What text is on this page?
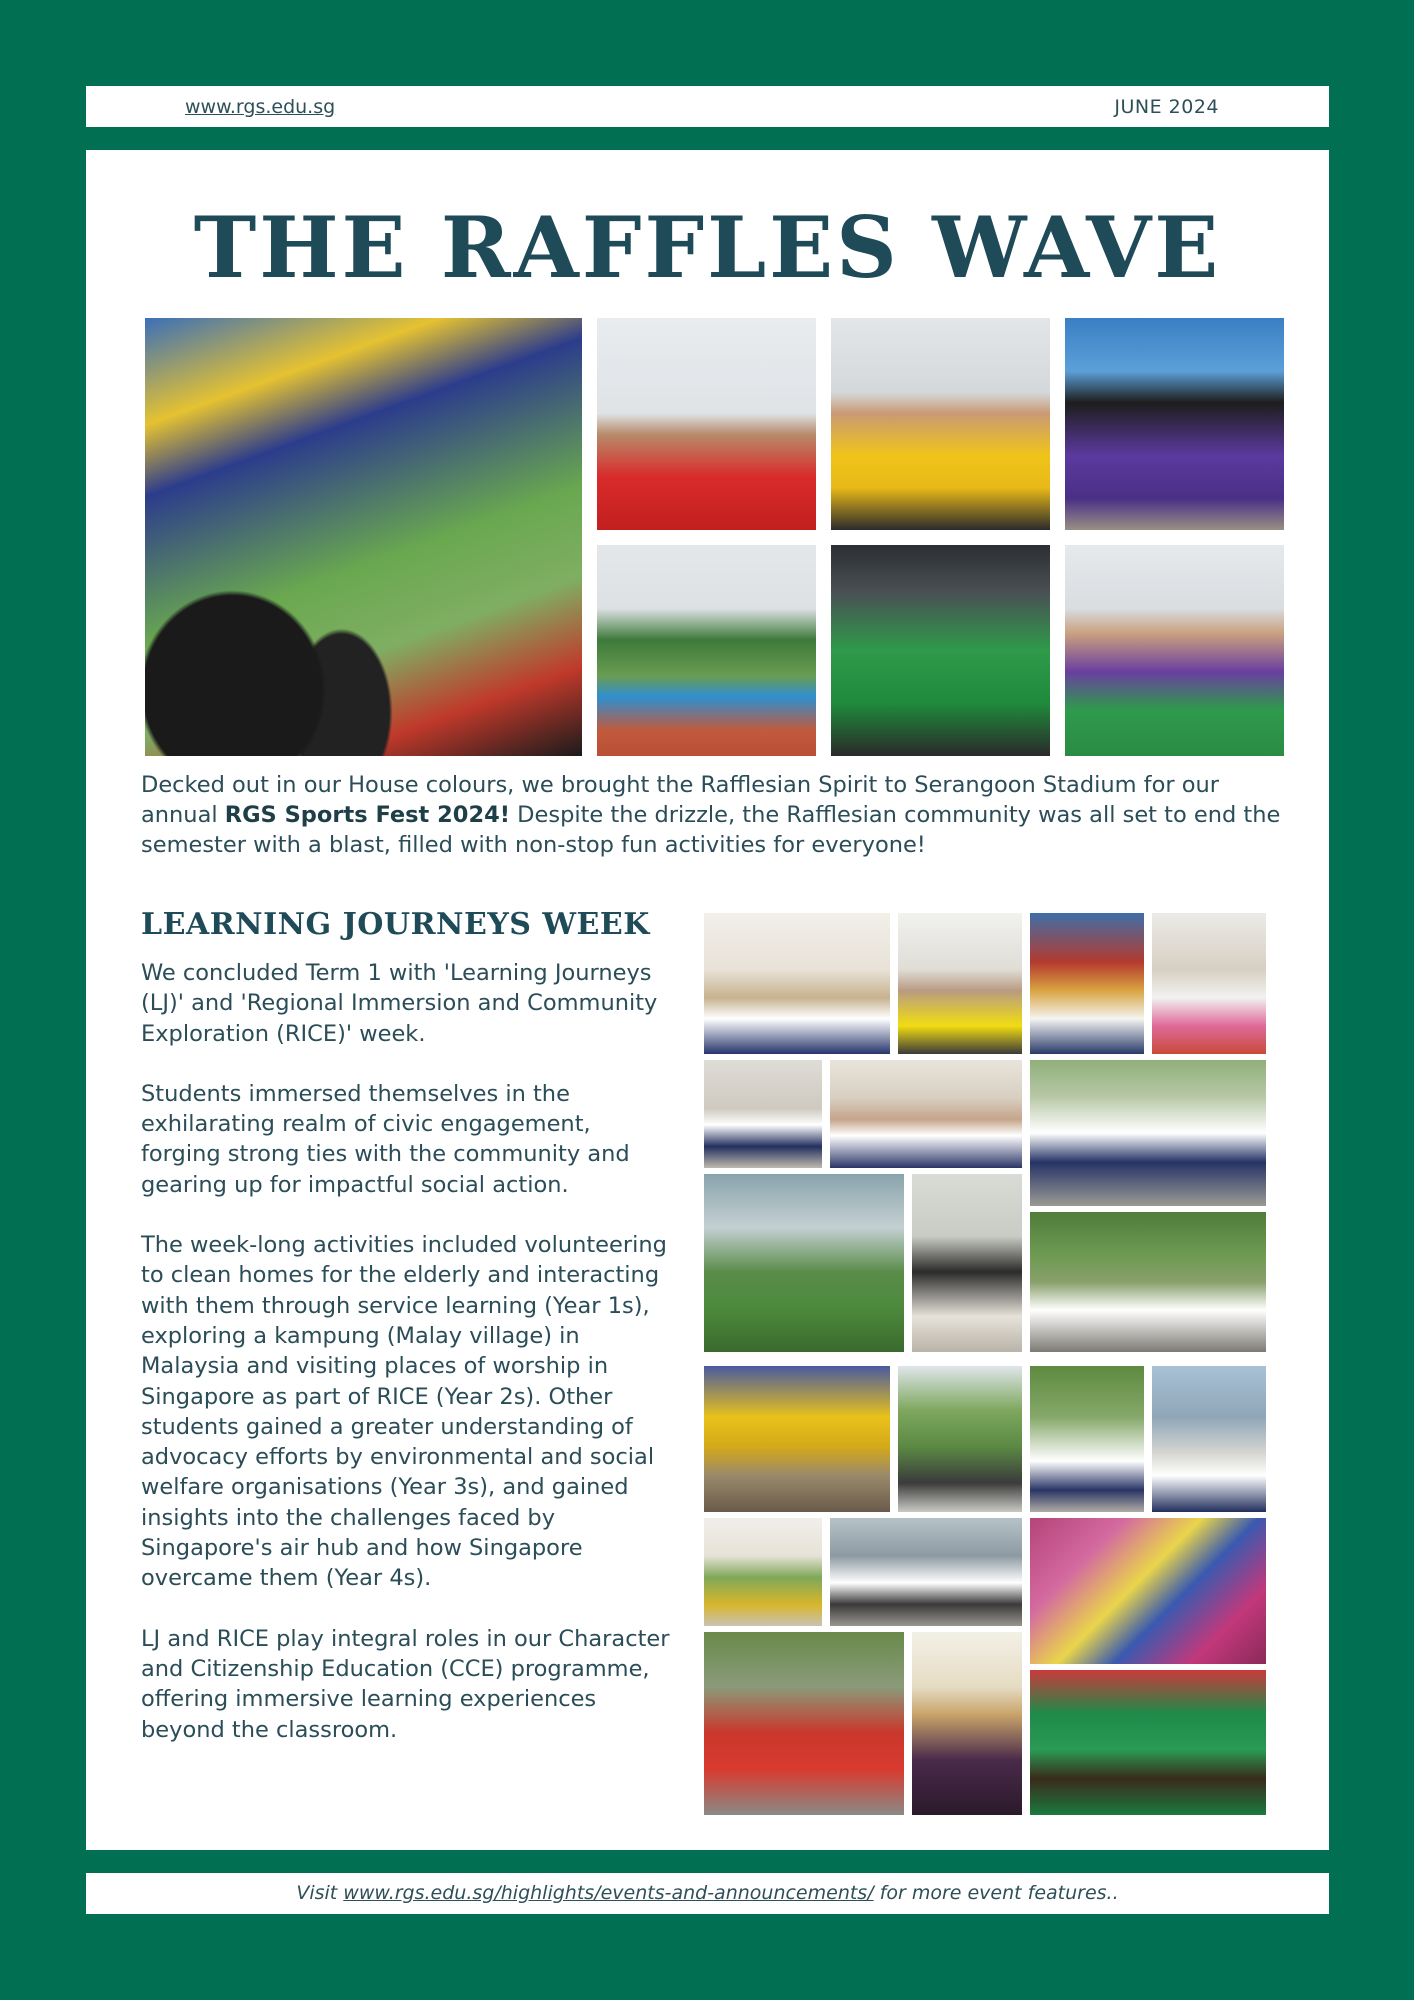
www.rgs.edu.sg	JUNE 2024
THE RAFFLES WAVE
Decked out in our House colours, we brought the Rafflesian Spirit to Serangoon Stadium for our annual RGS Sports Fest 2024! Despite the drizzle, the Rafflesian community was all set to end the semester with a blast, filled with non-stop fun activities for everyone!
LEARNING JOURNEYS WEEK

We concluded Term 1 with 'Learning Journeys (LJ)' and 'Regional Immersion and Community Exploration (RICE)' week.

Students immersed themselves in the exhilarating realm of civic engagement, forging strong ties with the community and gearing up for impactful social action.

The week-long activities included volunteering to clean homes for the elderly and interacting with them through service learning (Year 1s), exploring a kampung (Malay village) in Malaysia and visiting places of worship in Singapore as part of RICE (Year 2s). Other students gained a greater understanding of advocacy efforts by environmental and social welfare organisations (Year 3s), and gained insights into the challenges faced by Singapore's air hub and how Singapore overcame them (Year 4s).

LJ and RICE play integral roles in our Character and Citizenship Education (CCE) programme, offering immersive learning experiences beyond the classroom.

Visit www.rgs.edu.sg/highlights/events-and-announcements/ for more event features..
